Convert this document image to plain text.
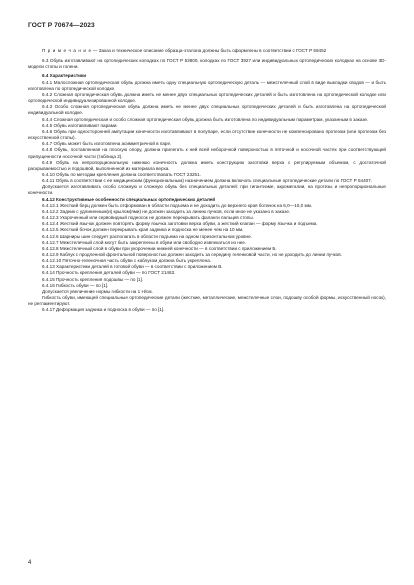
ГОСТ Р 70674—2023

П р и м е ч а н и е — Заказ и техническое описание образца-эталона должны быть оформлены в соответствии с ГОСТ Р 59452

6.3 Обувь изготавливают на ортопедических колодках по ГОСТ Р 53800, колодках по ГОСТ 3927 или индивидуальных ортопедических колодках на основе 3D-модели стопы и голени.

6.4 Характеристики

6.4.1 Малосложная ортопедическая обувь должна иметь одну специальную ортопедическую деталь — межстелечный слой в виде выкладки сводов — и быть изготовлена по ортопедической колодке.

6.4.2 Сложная ортопедическая обувь должна иметь не менее двух специальных ортопедических деталей и быть изготовлена на ортопедической колодке или ортопедической индивидуализированной колодке.

6.4.3 Особо сложная ортопедическая обувь должна иметь не менее двух специальных ортопедических деталей и быть изготовлена на ортопедической индивидуальной колодке.

6.4.4 Сложная ортопедическая и особо сложная ортопедическая обувь должна быть изготовлена по индивидуальным параметрам, указанным в заказе.

6.4.5 Обувь изготавливают парами.

6.4.6 Обувь при односторонней ампутации конечности изготавливают в полупаре, если отсутствие конечности не компенсировано протезом (или протезом без искусственной стопы).

6.4.7 Обувь может быть изготовлена асимметричной в паре.

6.4.8 Обувь, поставленная на плоскую опору, должна прилегать к ней всей неборочной поверхностью в пяточной и носочной частях при соответствующей припущенности носочной части (таблица 2).

6.4.9 Обувь на непропорциональную нижнюю конечность должна иметь конструкцию заготовки верха с регулируемым объемом, с достаточной раскрываемостью и подошвой, выполненной из материала верха.

6.4.10 Обувь по методам крепления должна соответствовать ГОСТ 23251.

6.4.11 Обувь в соответствии с ее медицинским (функциональным) назначением должна включать специальные ортопедические детали по ГОСТ Р 54407.

Допускается изготавливать особо сложную и сложную обувь без специальных деталей: при гигантизме, акромегалии, на протезы и непропорциональные конечности.

6.4.12 Конструктивные особенности специальных ортопедических деталей

6.4.12.1 Жесткий берц должен быть отформован в области подъема и не доходить до верхнего края ботинок на 6,0—10,0 мм.

6.4.12.2 Задник с удлиненным(и) крылом(ями) не должен заходить за линию пучков, если иное не указано в заказе.

6.4.12.3 Укороченный или сервовидный подносок не должен перекрывать фаланги пальцев стопы.

6.4.12.4 Жесткий язычок должен повторять форму язычка заготовки верха обуви, а жесткий клапан — форму язычка и подъема.

6.4.12.5 Жесткий бочок должен перекрывать края задника и подноска не менее чем на 10 мм.

6.4.12.6 Шарниры шин следует располагать в области подъема на одном горизонтальном уровне.

6.4.12.7 Межстелечный слой могут быть закреплены в обуви или свободно извлекаться из нее.

6.4.12.8 Межстелечный слой в обуви при укорочении нижней конечности — в соответствии с приложением Б.

6.4.12.9 Каблук с продленной фронтальной поверхностью должен заходить за середину геленковой части, но не доходить до линии пучков.

6.4.12.10 Пяточно-геленочная часть обуви с каблуком должна быть укреплена.

6.4.13 Характеристики деталей в готовой обуви — в соответствии с приложением В.

6.4.14 Прочность крепления деталей обуви — по ГОСТ 21463.

6.4.15 Прочность крепления подошвы — по [1].

6.4.16 Гибкость обуви — по [1].

Допускается увеличение нормы гибкости на 1 Н/см.

Гибкость обуви, имеющей специальные ортопедические детали (жесткие, металлические, межстелечные слои, подошву особой формы, искусственный носок), не регламентируют.

6.4.17 Деформация задника и подноска в обуви — по [1].

4
